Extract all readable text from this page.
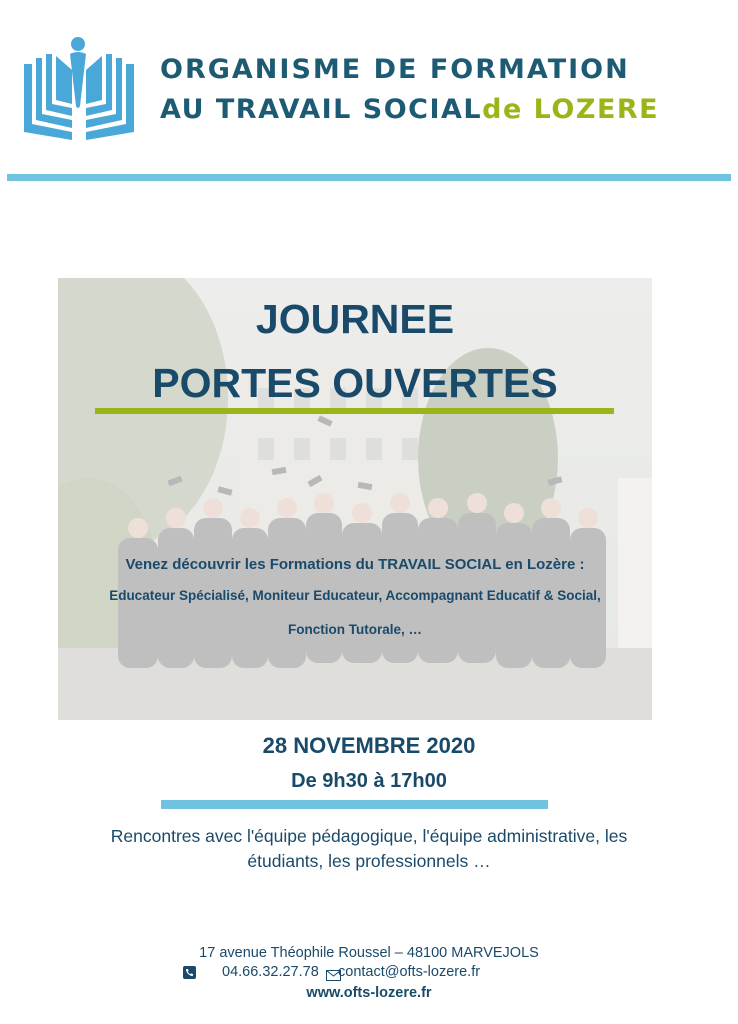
ORGANISME DE FORMATION
AU TRAVAIL SOCIALde LOZERE
JOURNEE
PORTES OUVERTES
Venez découvrir les Formations du TRAVAIL SOCIAL en Lozère :
Educateur Spécialisé, Moniteur Educateur, Accompagnant Educatif & Social,
Fonction Tutorale, …
28 NOVEMBRE 2020
De 9h30 à 17h00
Rencontres avec l'équipe pédagogique, l'équipe administrative, les
étudiants, les professionnels …
17 avenue Théophile Roussel – 48100 MARVEJOLS
04.66.32.27.78 contact@ofts-lozere.fr
www.ofts-lozere.fr
